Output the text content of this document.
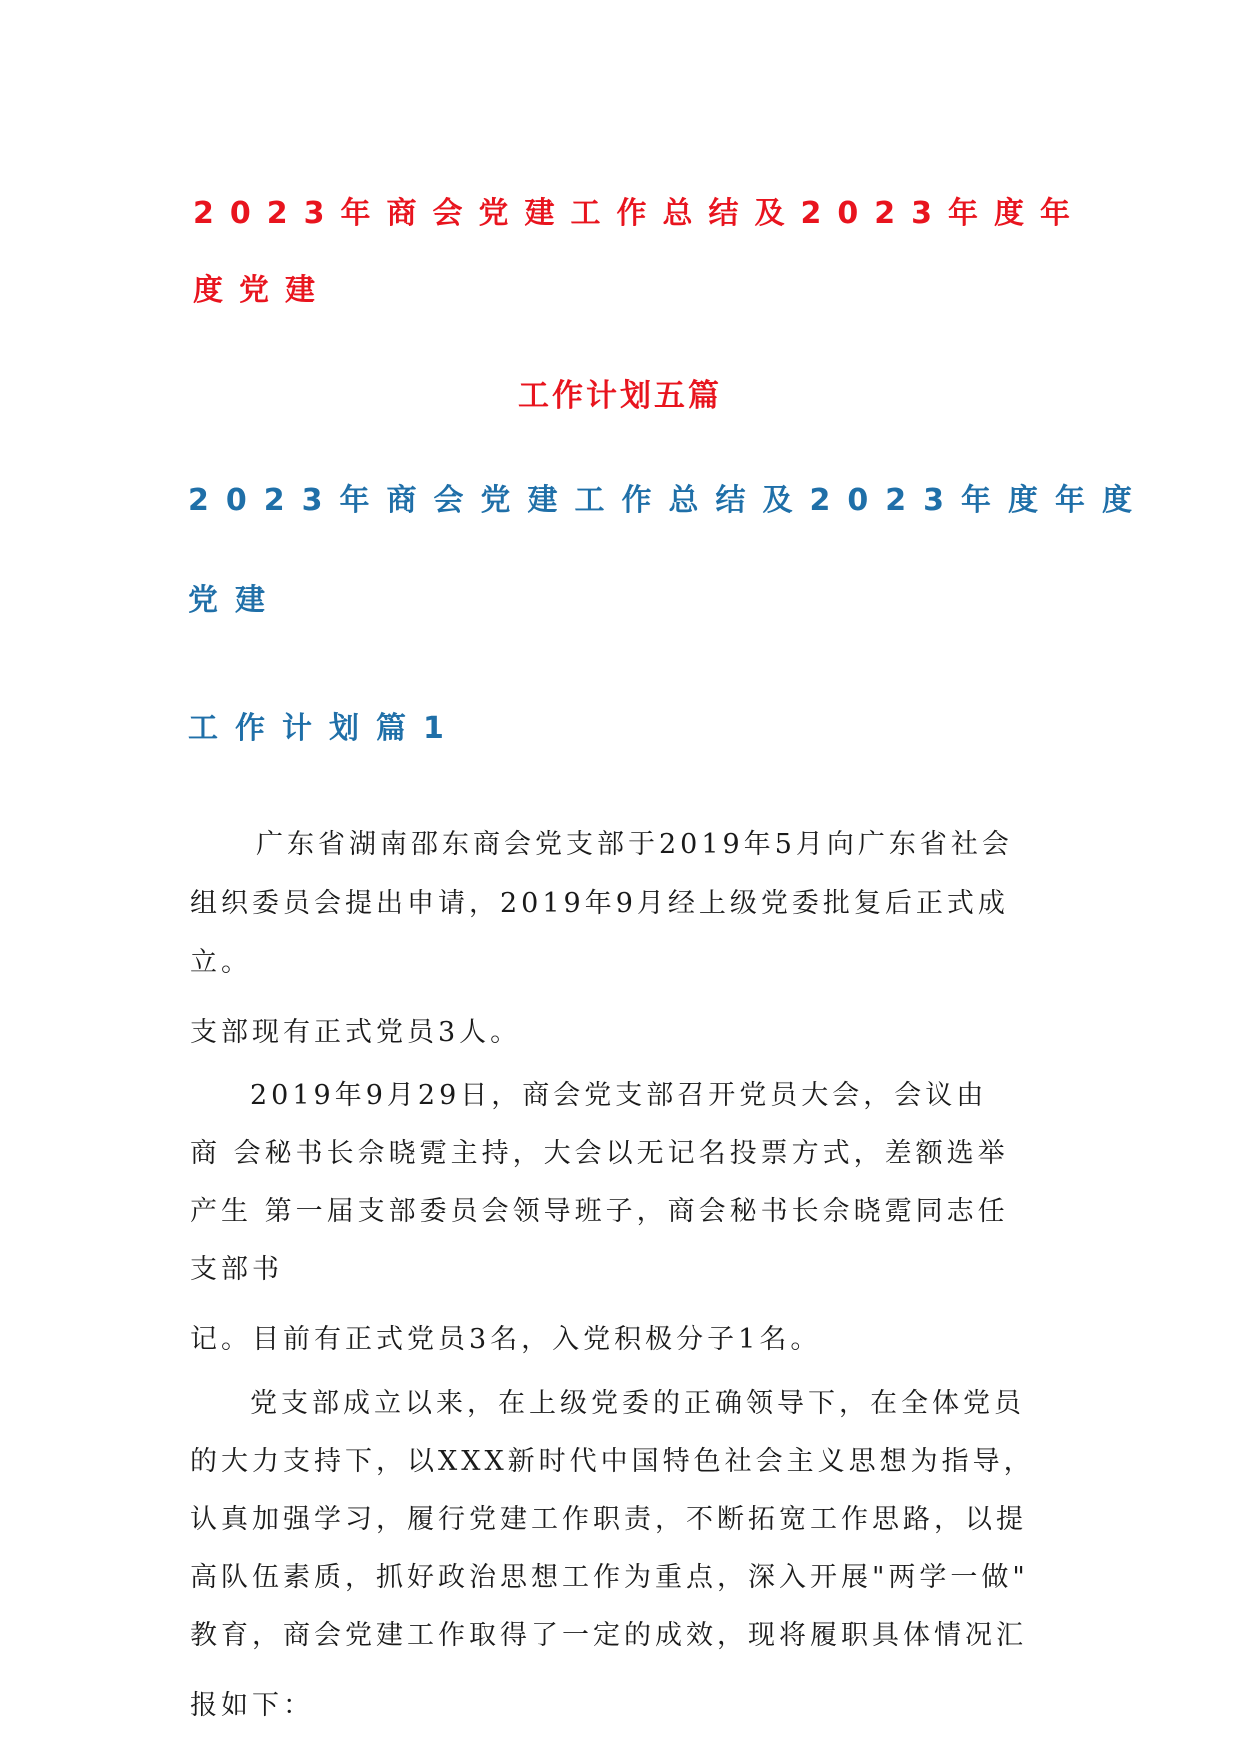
2023年商会党建工作总结及2023年度年
度党建
工作计划五篇
2023年商会党建工作总结及2023年度年度
党建
工作计划篇1

广东省湖南邵东商会党支部于2019年5月向广东省社会

组织委员会提出申请，2019年9月经上级党委批复后正式成

立。

支部现有正式党员3人。

2019年9月29日，商会党支部召开党员大会，会议由

商 会秘书长佘晓霓主持，大会以无记名投票方式，差额选举

产生 第一届支部委员会领导班子，商会秘书长佘晓霓同志任

支部书

记。目前有正式党员3名，入党积极分子1名。

党支部成立以来，在上级党委的正确领导下，在全体党员

的大力支持下，以XXX新时代中国特色社会主义思想为指导，

认真加强学习，履行党建工作职责，不断拓宽工作思路，以提

高队伍素质，抓好政治思想工作为重点，深入开展"两学一做"

教育，商会党建工作取得了一定的成效，现将履职具体情况汇

报如下：
